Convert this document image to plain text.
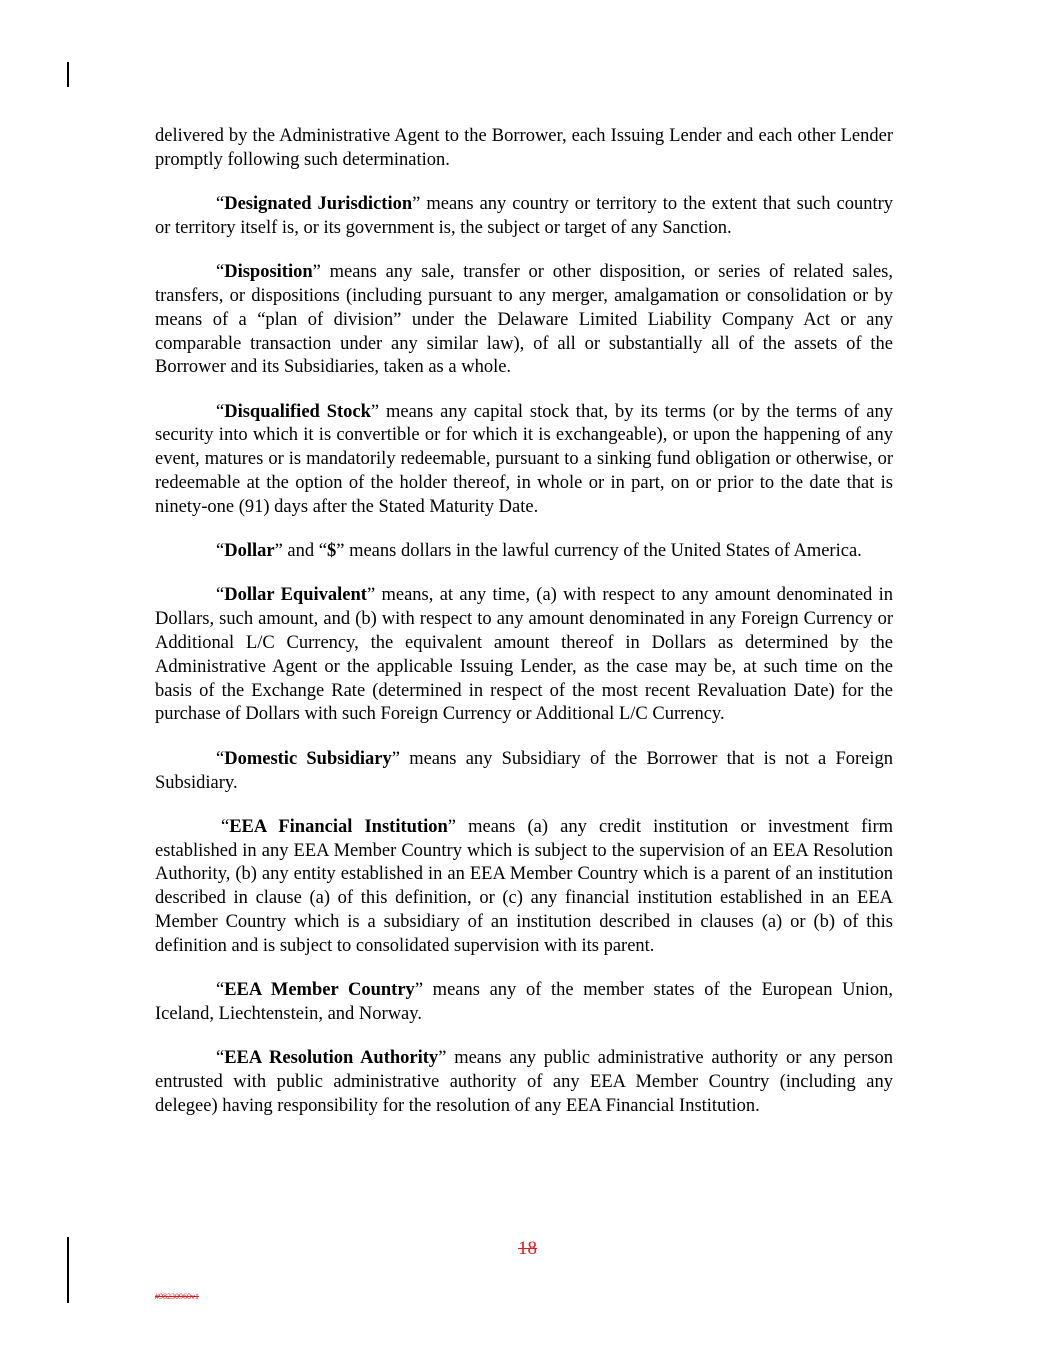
delivered by the Administrative Agent to the Borrower, each Issuing Lender and each other Lender promptly following such determination.

“Designated Jurisdiction” means any country or territory to the extent that such country or territory itself is, or its government is, the subject or target of any Sanction.

“Disposition” means any sale, transfer or other disposition, or series of related sales, transfers, or dispositions (including pursuant to any merger, amalgamation or consolidation or by means of a “plan of division” under the Delaware Limited Liability Company Act or any comparable transaction under any similar law), of all or substantially all of the assets of the Borrower and its Subsidiaries, taken as a whole.

“Disqualified Stock” means any capital stock that, by its terms (or by the terms of any security into which it is convertible or for which it is exchangeable), or upon the happening of any event, matures or is mandatorily redeemable, pursuant to a sinking fund obligation or otherwise, or redeemable at the option of the holder thereof, in whole or in part, on or prior to the date that is ninety-one (91) days after the Stated Maturity Date.

“Dollar” and “$” means dollars in the lawful currency of the United States of America.

“Dollar Equivalent” means, at any time, (a) with respect to any amount denominated in Dollars, such amount, and (b) with respect to any amount denominated in any Foreign Currency or Additional L/C Currency, the equivalent amount thereof in Dollars as determined by the Administrative Agent or the applicable Issuing Lender, as the case may be, at such time on the basis of the Exchange Rate (determined in respect of the most recent Revaluation Date) for the purchase of Dollars with such Foreign Currency or Additional L/C Currency.

“Domestic Subsidiary” means any Subsidiary of the Borrower that is not a Foreign Subsidiary.

“EEA Financial Institution” means (a) any credit institution or investment firm established in any EEA Member Country which is subject to the supervision of an EEA Resolution Authority, (b) any entity established in an EEA Member Country which is a parent of an institution described in clause (a) of this definition, or (c) any financial institution established in an EEA Member Country which is a subsidiary of an institution described in clauses (a) or (b) of this definition and is subject to consolidated supervision with its parent.

“EEA Member Country” means any of the member states of the European Union, Iceland, Liechtenstein, and Norway.

“EEA Resolution Authority” means any public administrative authority or any person entrusted with public administrative authority of any EEA Member Country (including any delegee) having responsibility for the resolution of any EEA Financial Institution.

18
#98230960v1
